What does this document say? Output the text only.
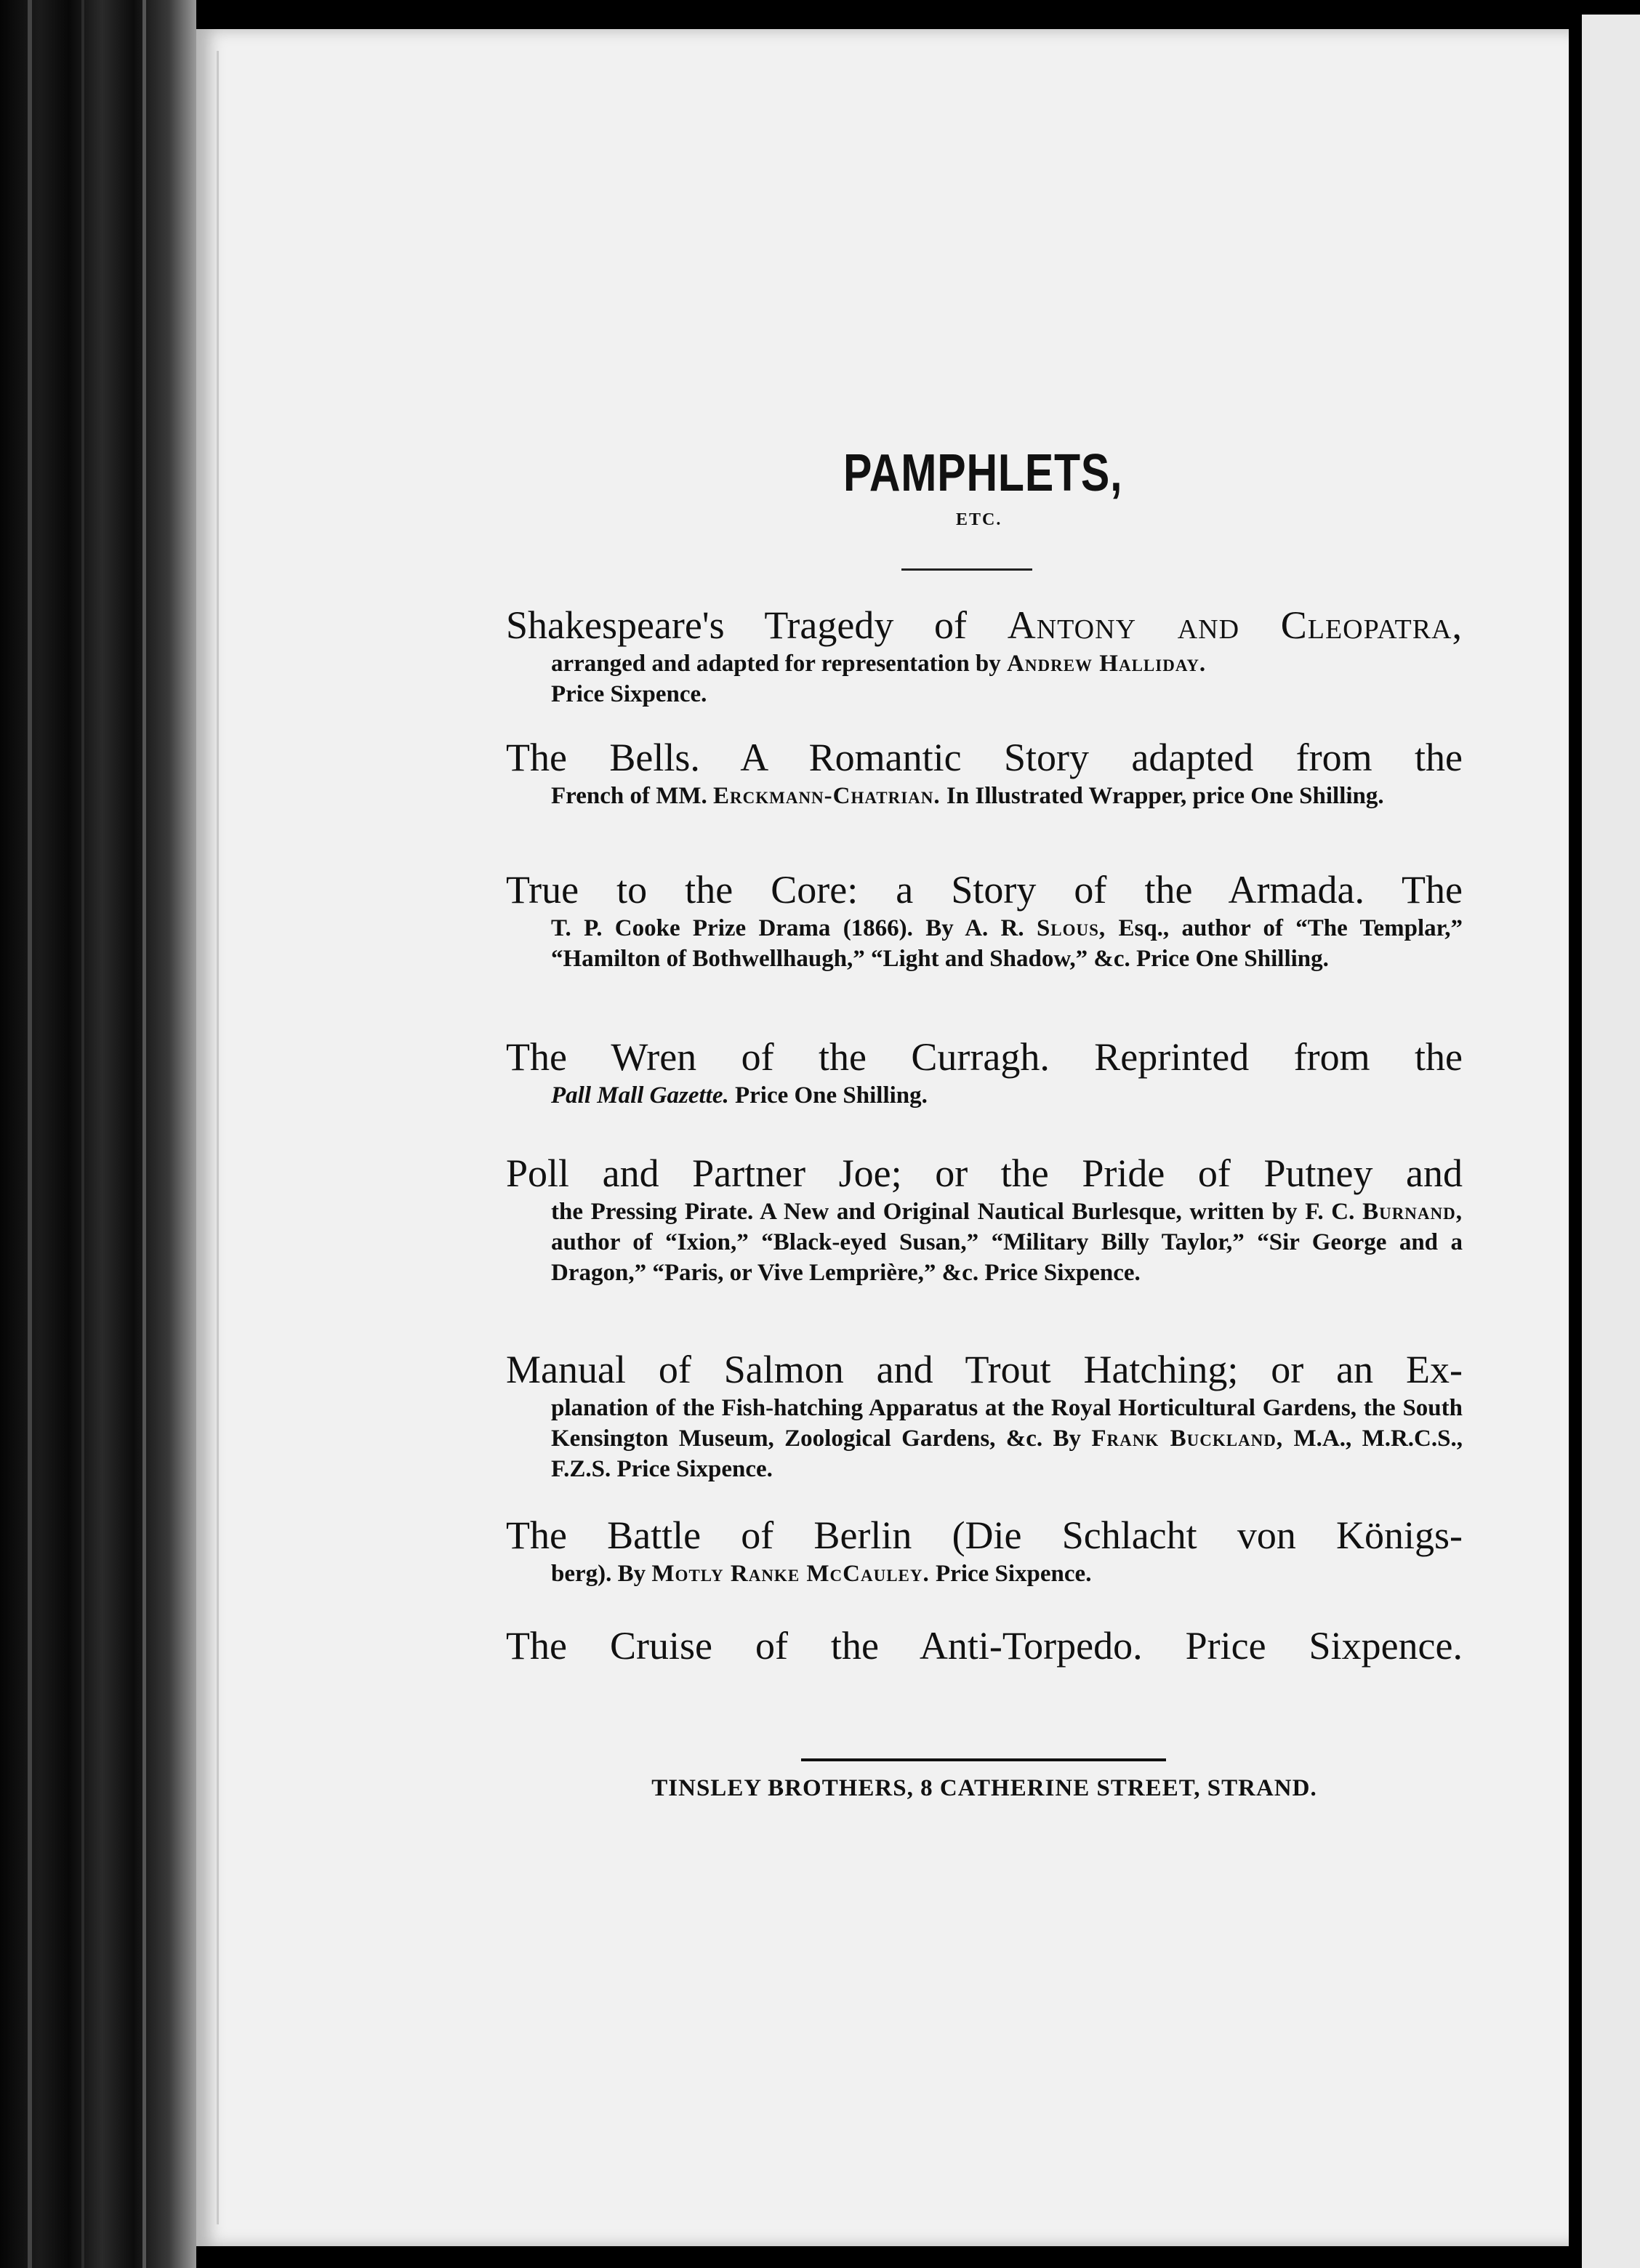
PAMPHLETS,
ETC.
Shakespeare's Tragedy of Antony and Cleopatra,
arranged and adapted for representation by Andrew Halliday.
Price Sixpence.
The Bells. A Romantic Story adapted from the
French of MM. Erckmann-Chatrian. In Illustrated Wrapper, price One Shilling.
True to the Core: a Story of the Armada. The
T. P. Cooke Prize Drama (1866). By A. R. Slous, Esq., author of “The Templar,” “Hamilton of Bothwellhaugh,” “Light and Shadow,” &c. Price One Shilling.
The Wren of the Curragh. Reprinted from the
Pall Mall Gazette. Price One Shilling.
Poll and Partner Joe; or the Pride of Putney and
the Pressing Pirate. A New and Original Nautical Burlesque, written by F. C. Burnand, author of “Ixion,” “Black-eyed Susan,” “Military Billy Taylor,” “Sir George and a Dragon,” “Paris, or Vive Lemprière,” &c. Price Sixpence.
Manual of Salmon and Trout Hatching; or an Ex-
planation of the Fish-hatching Apparatus at the Royal Horticultural Gardens, the South Kensington Museum, Zoological Gardens, &c. By Frank Buckland, M.A., M.R.C.S., F.Z.S. Price Sixpence.
The Battle of Berlin (Die Schlacht von Königs-
berg). By Motly Ranke McCauley. Price Sixpence.
The Cruise of the Anti-Torpedo. Price Sixpence.
TINSLEY BROTHERS, 8 CATHERINE STREET, STRAND.
